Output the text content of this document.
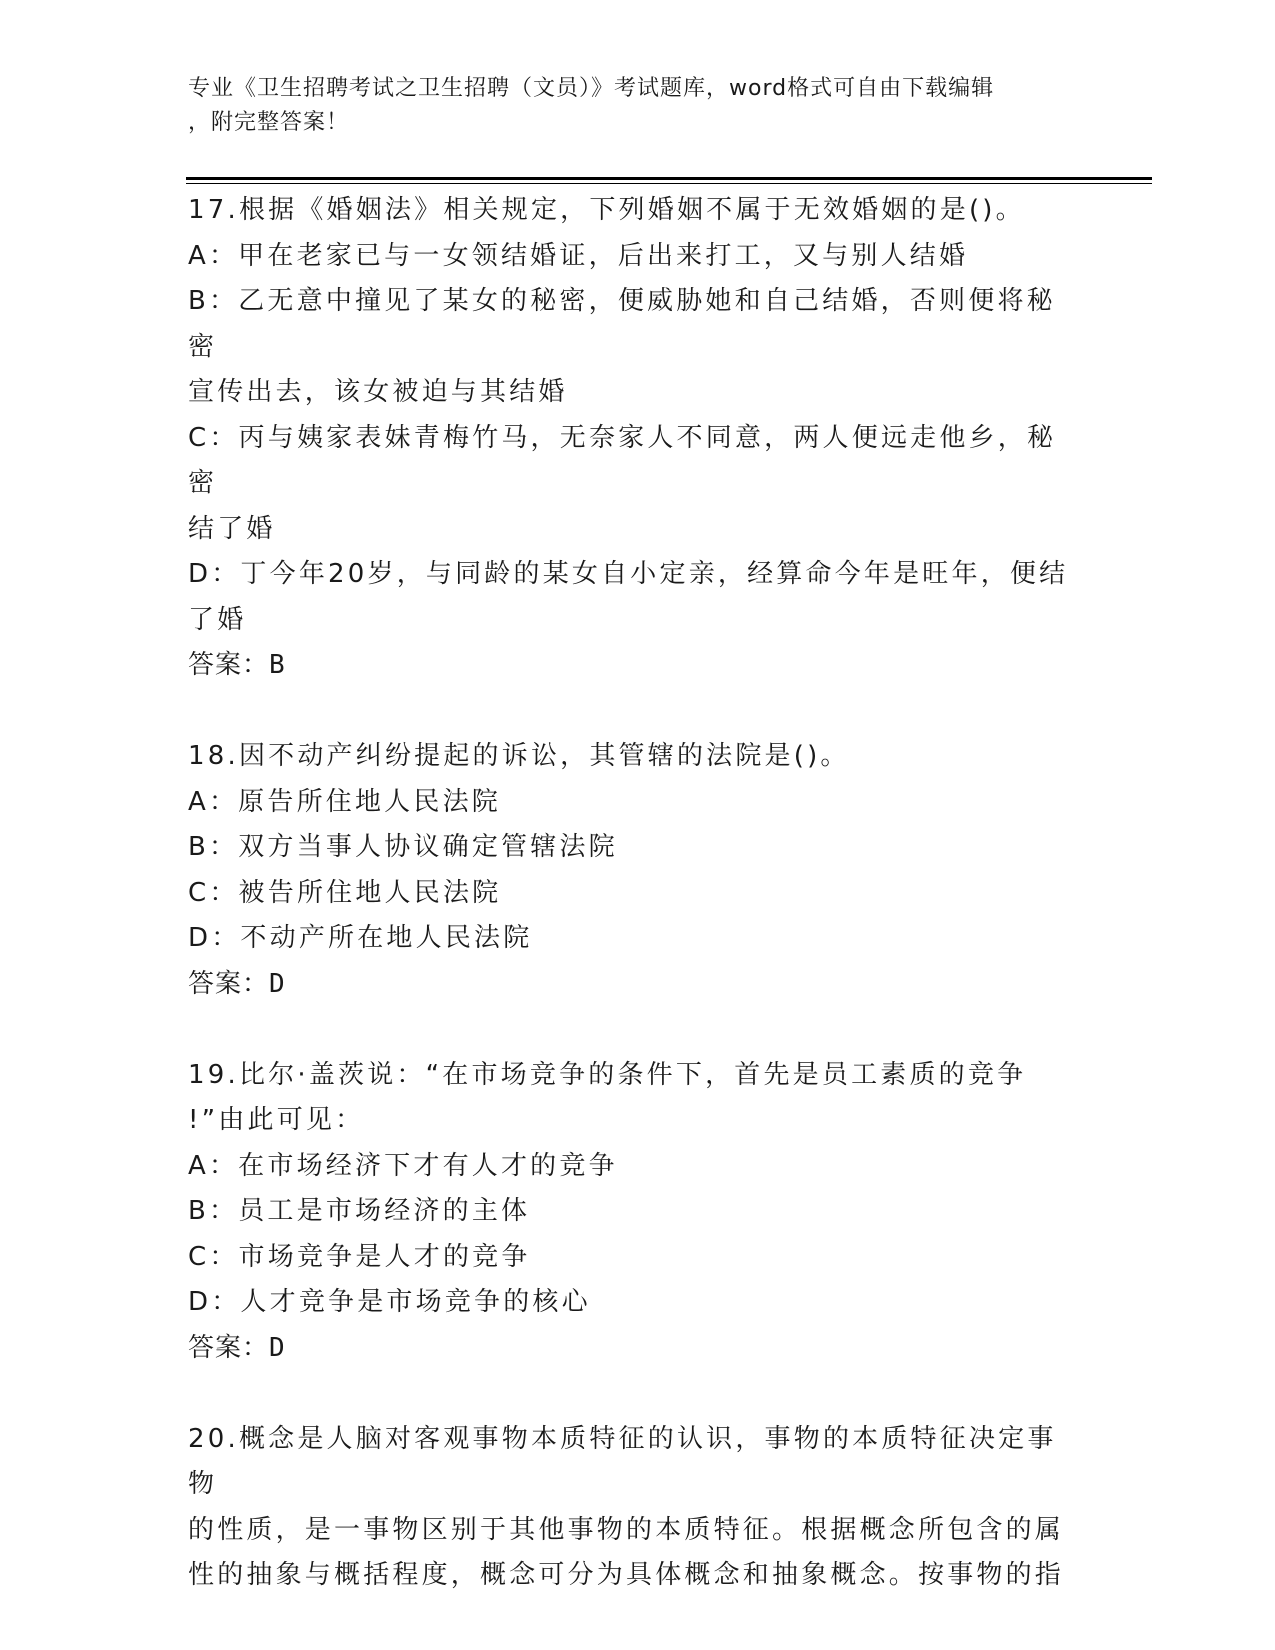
专业《卫生招聘考试之卫生招聘（文员）》考试题库，word格式可自由下载编辑
，附完整答案！

17.根据《婚姻法》相关规定，下列婚姻不属于无效婚姻的是()。

A：甲在老家已与一女领结婚证，后出来打工，又与别人结婚

B：乙无意中撞见了某女的秘密，便威胁她和自己结婚，否则便将秘密

宣传出去，该女被迫与其结婚

C：丙与姨家表妹青梅竹马，无奈家人不同意，两人便远走他乡，秘密

结了婚

D：丁今年20岁，与同龄的某女自小定亲，经算命今年是旺年，便结

了婚

答案：B

18.因不动产纠纷提起的诉讼，其管辖的法院是()。

A：原告所住地人民法院

B：双方当事人协议确定管辖法院

C：被告所住地人民法院

D：不动产所在地人民法院

答案：D

19.比尔·盖茨说：“在市场竞争的条件下，首先是员工素质的竞争

!”由此可见：

A：在市场经济下才有人才的竞争

B：员工是市场经济的主体

C：市场竞争是人才的竞争

D：人才竞争是市场竞争的核心

答案：D

20.概念是人脑对客观事物本质特征的认识，事物的本质特征决定事物

的性质，是一事物区别于其他事物的本质特征。根据概念所包含的属

性的抽象与概括程度，概念可分为具体概念和抽象概念。按事物的指
